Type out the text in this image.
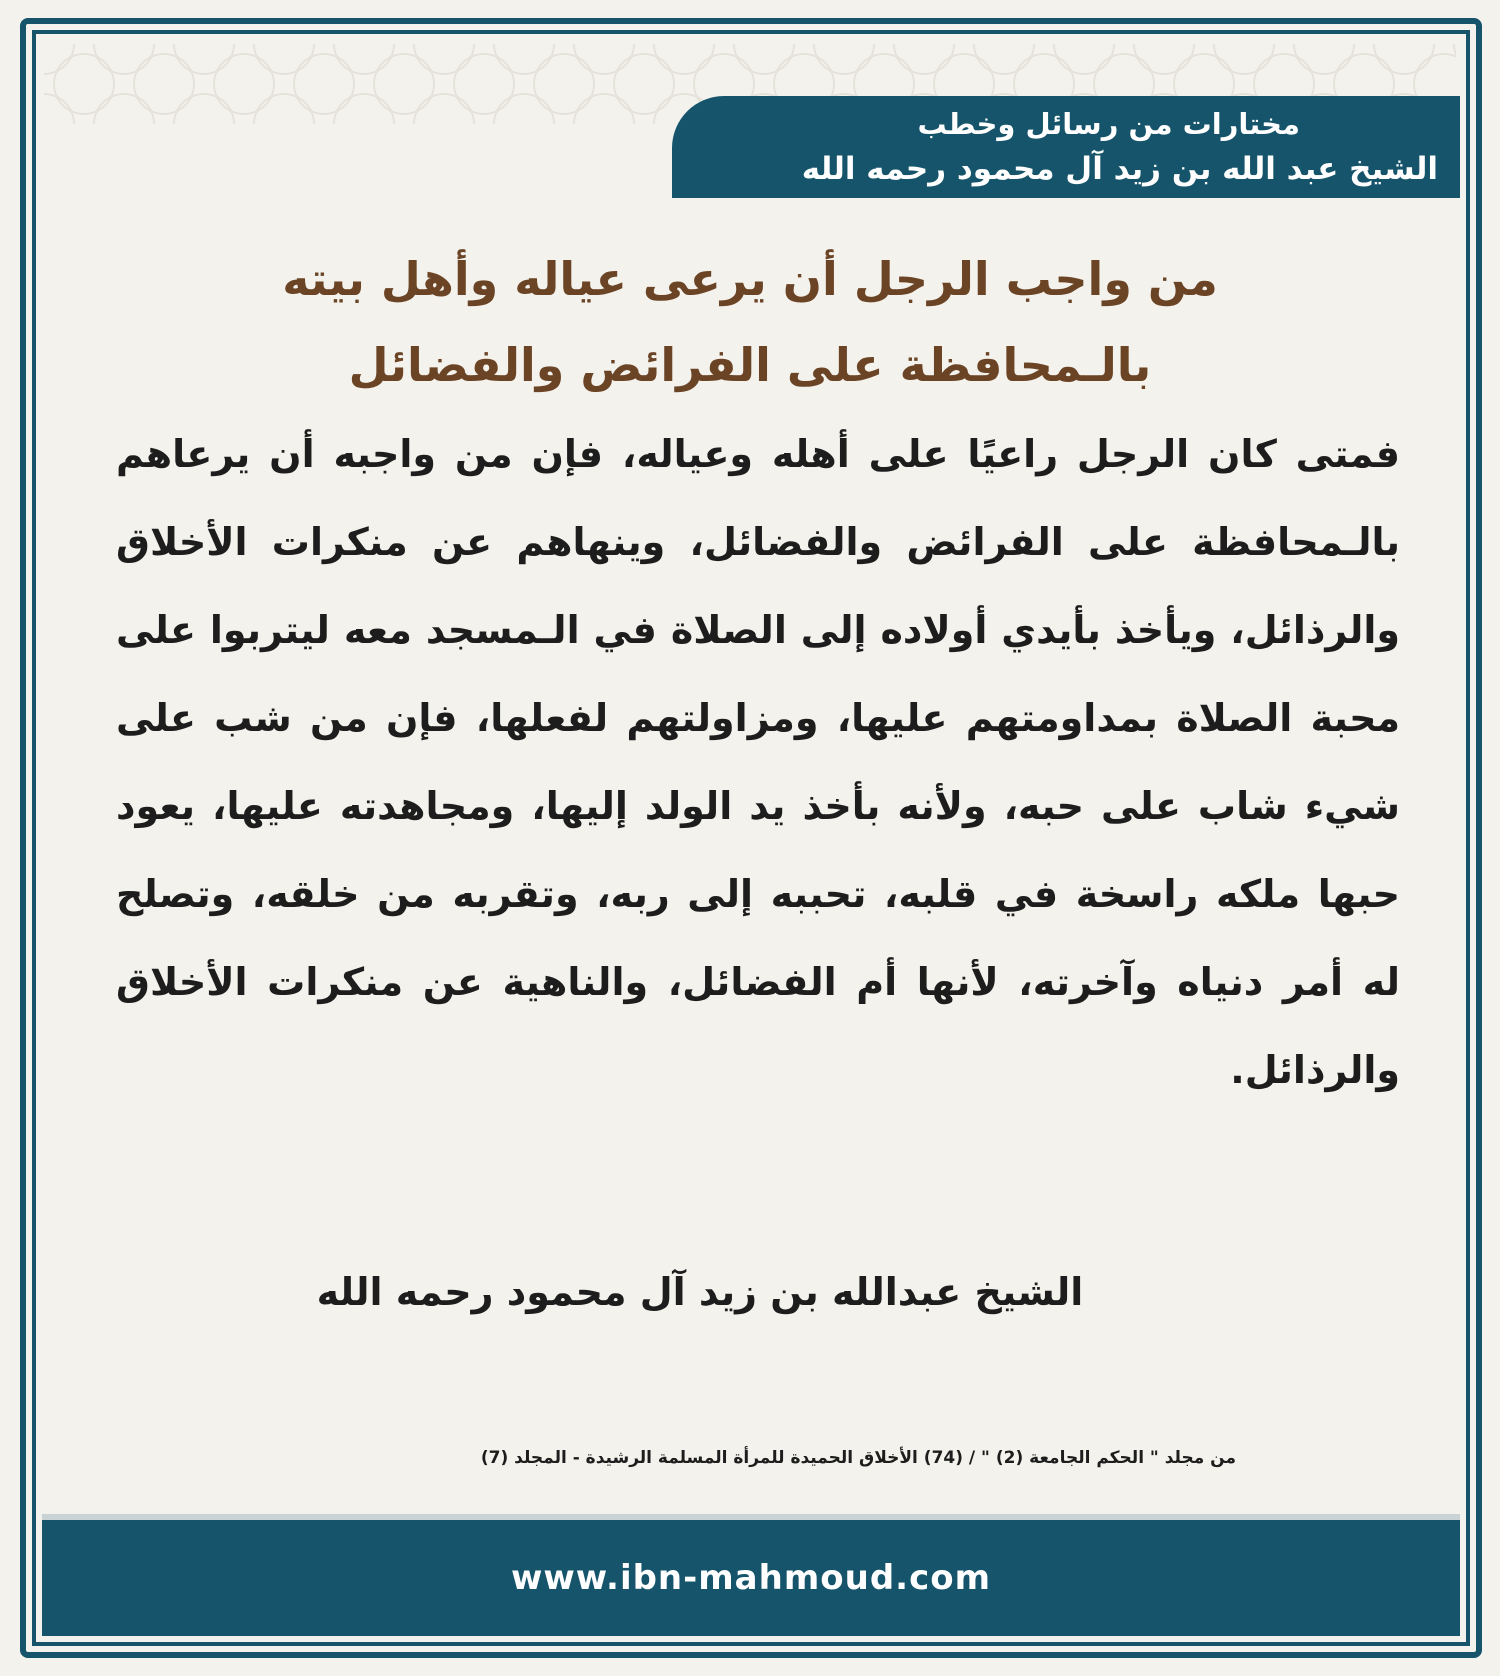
مختارات من رسائل وخطب
الشيخ عبد الله بن زيد آل محمود رحمه الله
من واجب الرجل أن يرعى عياله وأهل بيته بالـمحافظة على الفرائض والفضائل
فمتى كان الرجل راعيًا على أهله وعياله، فإن من واجبه أن يرعاهم بالـمحافظة على الفرائض والفضائل، وينهاهم عن منكرات الأخلاق والرذائل، ويأخذ بأيدي أولاده إلى الصلاة في الـمسجد معه ليتربوا على محبة الصلاة بمداومتهم عليها، ومزاولتهم لفعلها، فإن من شب على شيء شاب على حبه، ولأنه بأخذ يد الولد إليها، ومجاهدته عليها، يعود حبها ملكه راسخة في قلبه، تحببه إلى ربه، وتقربه من خلقه، وتصلح له أمر دنياه وآخرته، لأنها أم الفضائل، والناهية عن منكرات الأخلاق والرذائل.
الشيخ عبدالله بن زيد آل محمود رحمه الله
من مجلد " الحكم الجامعة (2) " / (74) الأخلاق الحميدة للمرأة المسلمة الرشيدة - المجلد (7)
www.ibn-mahmoud.com
